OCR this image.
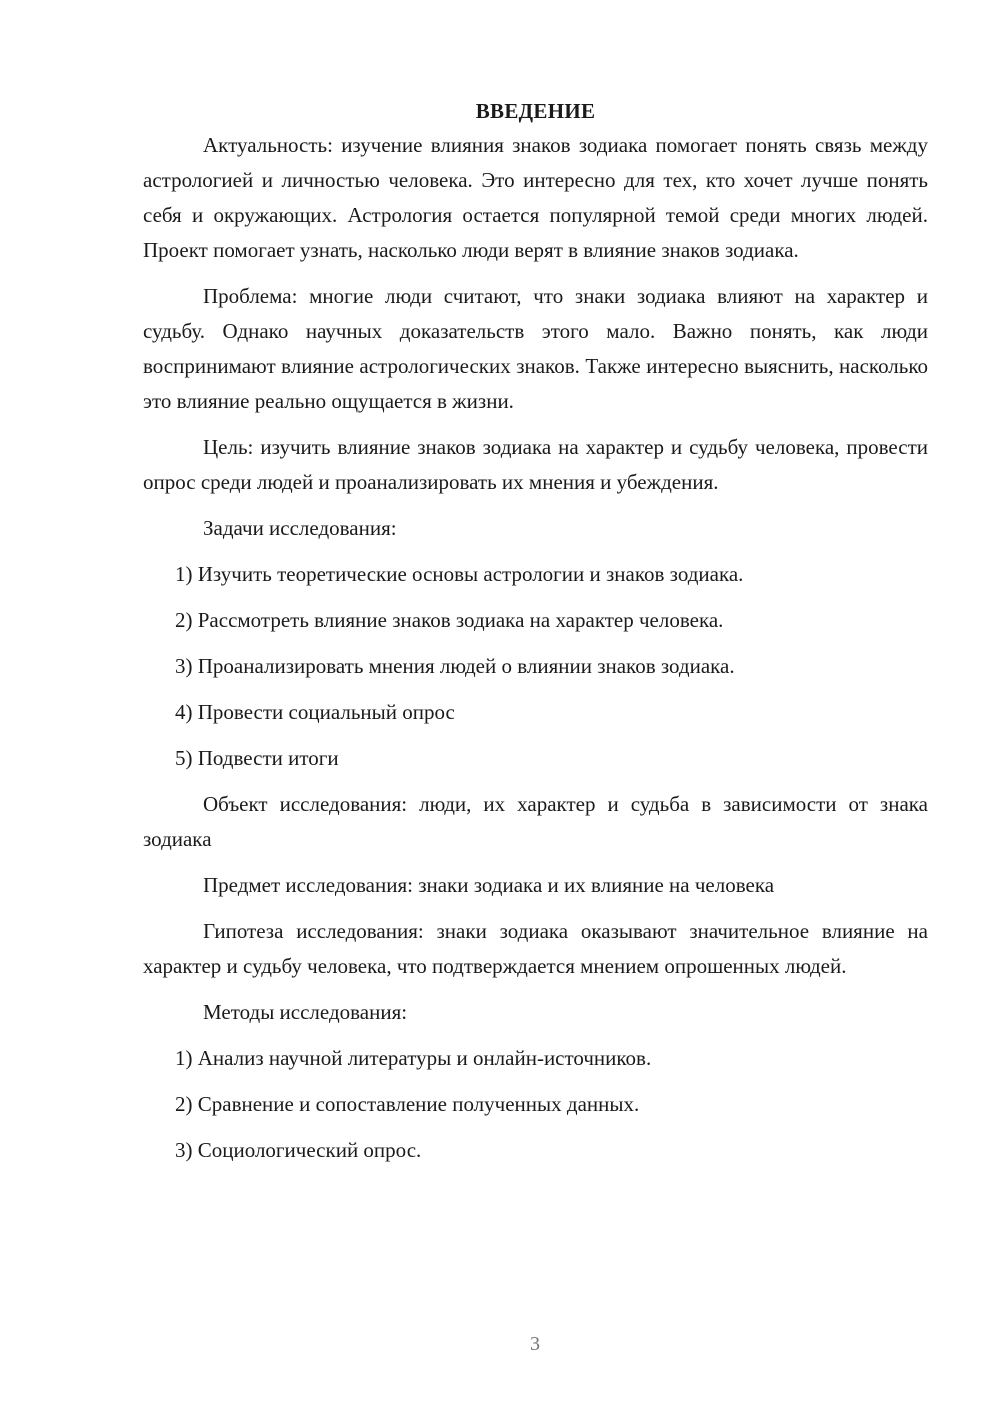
ВВЕДЕНИЕ

Актуальность: изучение влияния знаков зодиака помогает понять связь между астрологией и личностью человека. Это интересно для тех, кто хочет лучше понять себя и окружающих. Астрология остается популярной темой среди многих людей. Проект помогает узнать, насколько люди верят в влияние знаков зодиака.

Проблема: многие люди считают, что знаки зодиака влияют на характер и судьбу. Однако научных доказательств этого мало. Важно понять, как люди воспринимают влияние астрологических знаков. Также интересно выяснить, насколько это влияние реально ощущается в жизни.

Цель: изучить влияние знаков зодиака на характер и судьбу человека, провести опрос среди людей и проанализировать их мнения и убеждения.

Задачи исследования:
1) Изучить теоретические основы астрологии и знаков зодиака.
2) Рассмотреть влияние знаков зодиака на характер человека.
3) Проанализировать мнения людей о влиянии знаков зодиака.
4) Провести социальный опрос
5) Подвести итоги

Объект исследования: люди, их характер и судьба в зависимости от знака зодиака

Предмет исследования: знаки зодиака и их влияние на человека

Гипотеза исследования: знаки зодиака оказывают значительное влияние на характер и судьбу человека, что подтверждается мнением опрошенных людей.

Методы исследования:
1) Анализ научной литературы и онлайн-источников.
2) Сравнение и сопоставление полученных данных.
3) Социологический опрос.
3
